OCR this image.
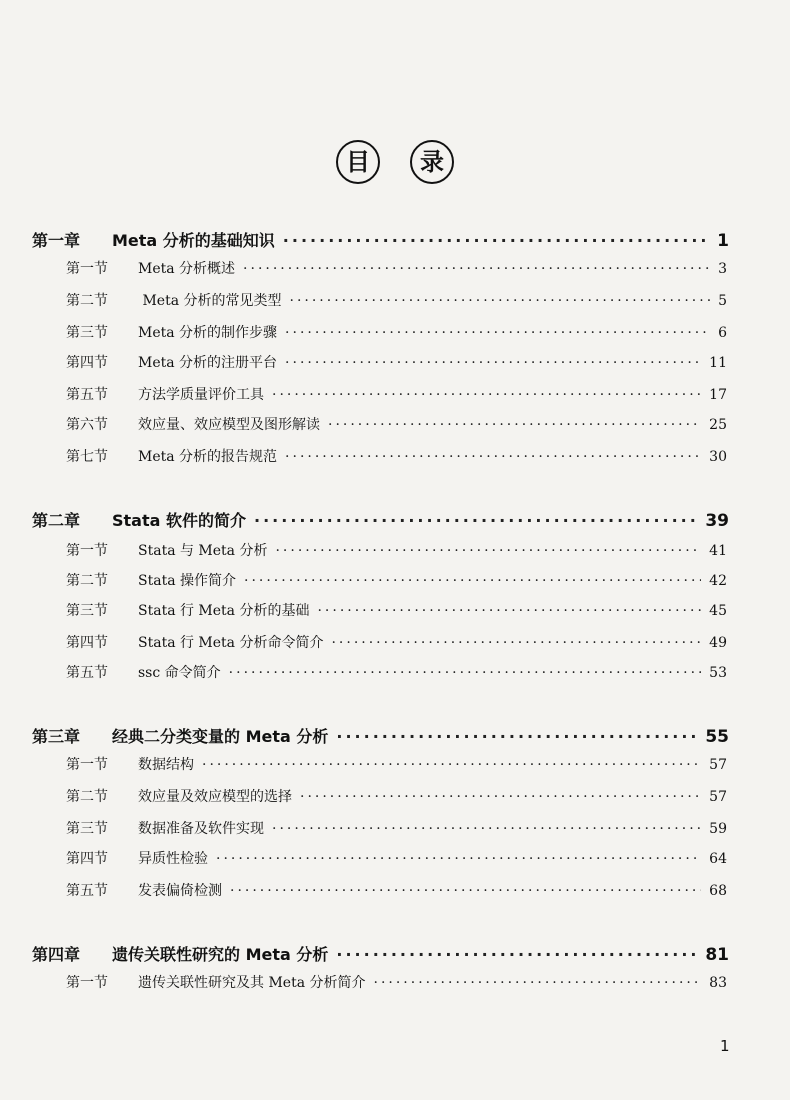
目	录
第一章	Meta 分析的基础知识 ·····	1
第一节	Meta 分析概述 ·····	3
第二节	Meta 分析的常见类型 ·····	5
第三节	Meta 分析的制作步骤 ·····	6
第四节	Meta 分析的注册平台 ·····	11
第五节	方法学质量评价工具 ·····	17
第六节	效应量、效应模型及图形解读 ·····	25
第七节	Meta 分析的报告规范 ·····	30
第二章	Stata 软件的简介 ·····	39
第一节	Stata 与 Meta 分析 ·····	41
第二节	Stata 操作简介 ·····	42
第三节	Stata 行 Meta 分析的基础 ·····	45
第四节	Stata 行 Meta 分析命令简介 ·····	49
第五节	ssc 命令简介 ·····	53
第三章	经典二分类变量的 Meta 分析 ·····	55
第一节	数据结构 ·····	57
第二节	效应量及效应模型的选择 ·····	57
第三节	数据准备及软件实现 ·····	59
第四节	异质性检验 ·····	64
第五节	发表偏倚检测 ·····	68
第四章	遗传关联性研究的 Meta 分析 ·····	81
第一节	遗传关联性研究及其 Meta 分析简介 ·····	83
1
